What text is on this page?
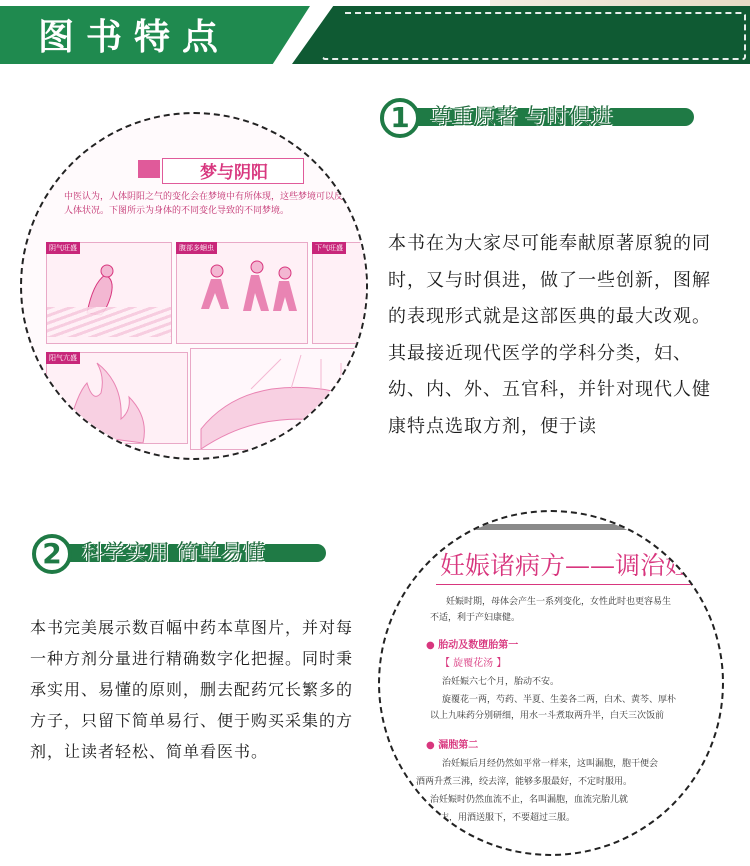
图书特点
梦与阴阳
中医认为，人体阴阳之气的变化会在梦境中有所体现，这些梦境可以反映人体状况。下图所示为身体的不同变化导致的不同梦境。
阴气旺盛	腹部多蛔虫	下气旺盛
阳气亢盛
1 尊重原著 与时俱进

本书在为大家尽可能奉献原著原貌的同时，又与时俱进，做了一些创新，图解的表现形式就是这部医典的最大改观。其最接近现代医学的学科分类，妇、幼、内、外、五官科，并针对现代人健康特点选取方剂，便于读

2 科学实用 简单易懂

本书完美展示数百幅中药本草图片，并对每一种方剂分量进行精确数字化把握。同时秉承实用、易懂的原则，删去配药冗长繁多的方子，只留下简单易行、便于购买采集的方剂，让读者轻松、简单看医书。

妊娠诸病方——调治妊
妊娠时期，母体会产生一系列变化，女性此时也更容易生
不适，利于产妇康健。
● 胎动及数堕胎第一
【 旋覆花汤 】
治妊娠六七个月，胎动不安。
旋覆花一两，芍药、半夏、生姜各二两，白术、黄芩、厚朴
以上九味药分别研细，用水一斗煮取两升半，白天三次饭前
● 漏胞第二
治妊娠后月经仍然如平常一样来，这叫漏胞，胞干便会
酒两升煮三沸，绞去滓，能够多服最好，不定时服用。
治妊娠时仍然血流不止，名叫漏胞，血流完胎儿就
饮药末，用酒送服下，不要超过三服。
